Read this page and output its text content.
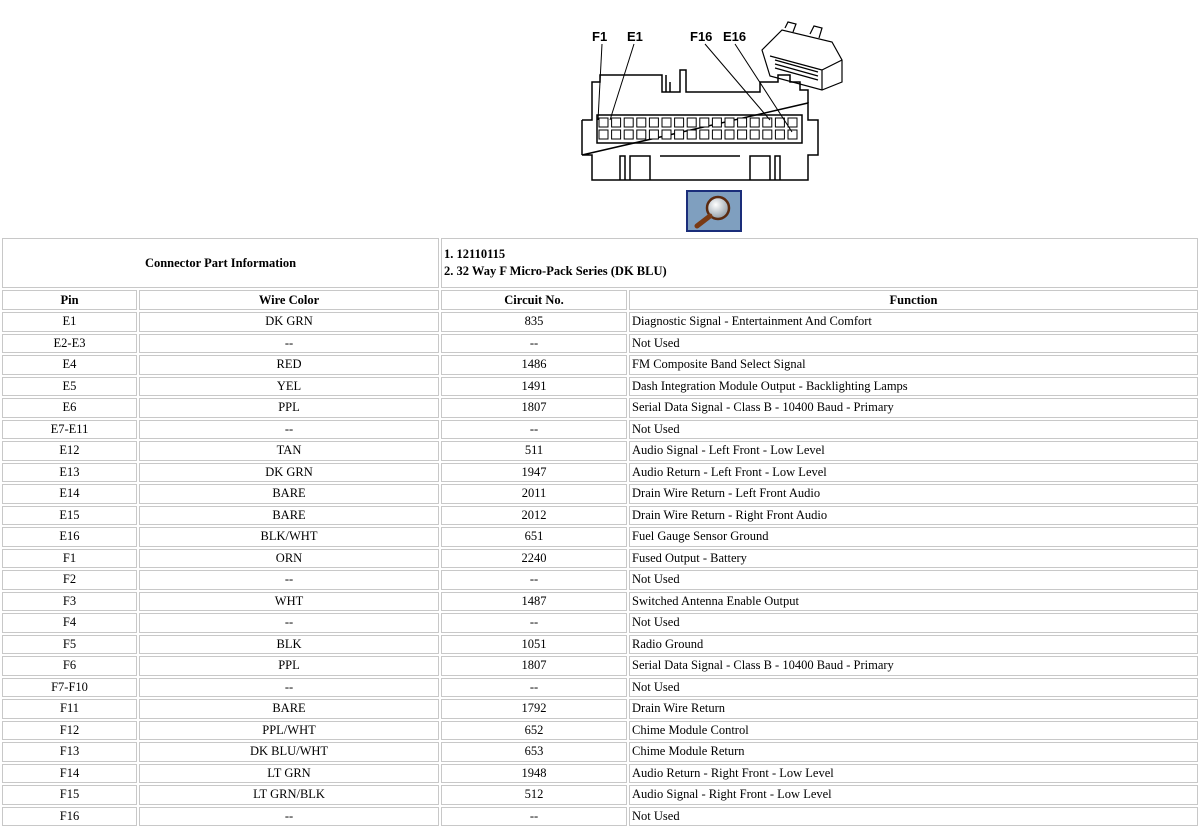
F1 E1	F16 E16
Connector Part Information		1. 12110115
2. 32 Way F Micro-Pack Series (DK BLU)	

Pin	Wire Color	Circuit No.	Function
E1	DK GRN	835	Diagnostic Signal - Entertainment And Comfort
E2-E3	--	--	Not Used
E4	RED	1486	FM Composite Band Select Signal
E5	YEL	1491	Dash Integration Module Output - Backlighting Lamps
E6	PPL	1807	Serial Data Signal - Class B - 10400 Baud - Primary
E7-E11	--	--	Not Used
E12	TAN	511	Audio Signal - Left Front - Low Level
E13	DK GRN	1947	Audio Return - Left Front - Low Level
E14	BARE	2011	Drain Wire Return - Left Front Audio
E15	BARE	2012	Drain Wire Return - Right Front Audio
E16	BLK/WHT	651	Fuel Gauge Sensor Ground
F1	ORN	2240	Fused Output - Battery
F2	--	--	Not Used
F3	WHT	1487	Switched Antenna Enable Output
F4	--	--	Not Used
F5	BLK	1051	Radio Ground
F6	PPL	1807	Serial Data Signal - Class B - 10400 Baud - Primary
F7-F10	--	--	Not Used
F11	BARE	1792	Drain Wire Return
F12	PPL/WHT	652	Chime Module Control
F13	DK BLU/WHT	653	Chime Module Return
F14	LT GRN	1948	Audio Return - Right Front - Low Level
F15	LT GRN/BLK	512	Audio Signal - Right Front - Low Level
F16	--	--	Not Used
